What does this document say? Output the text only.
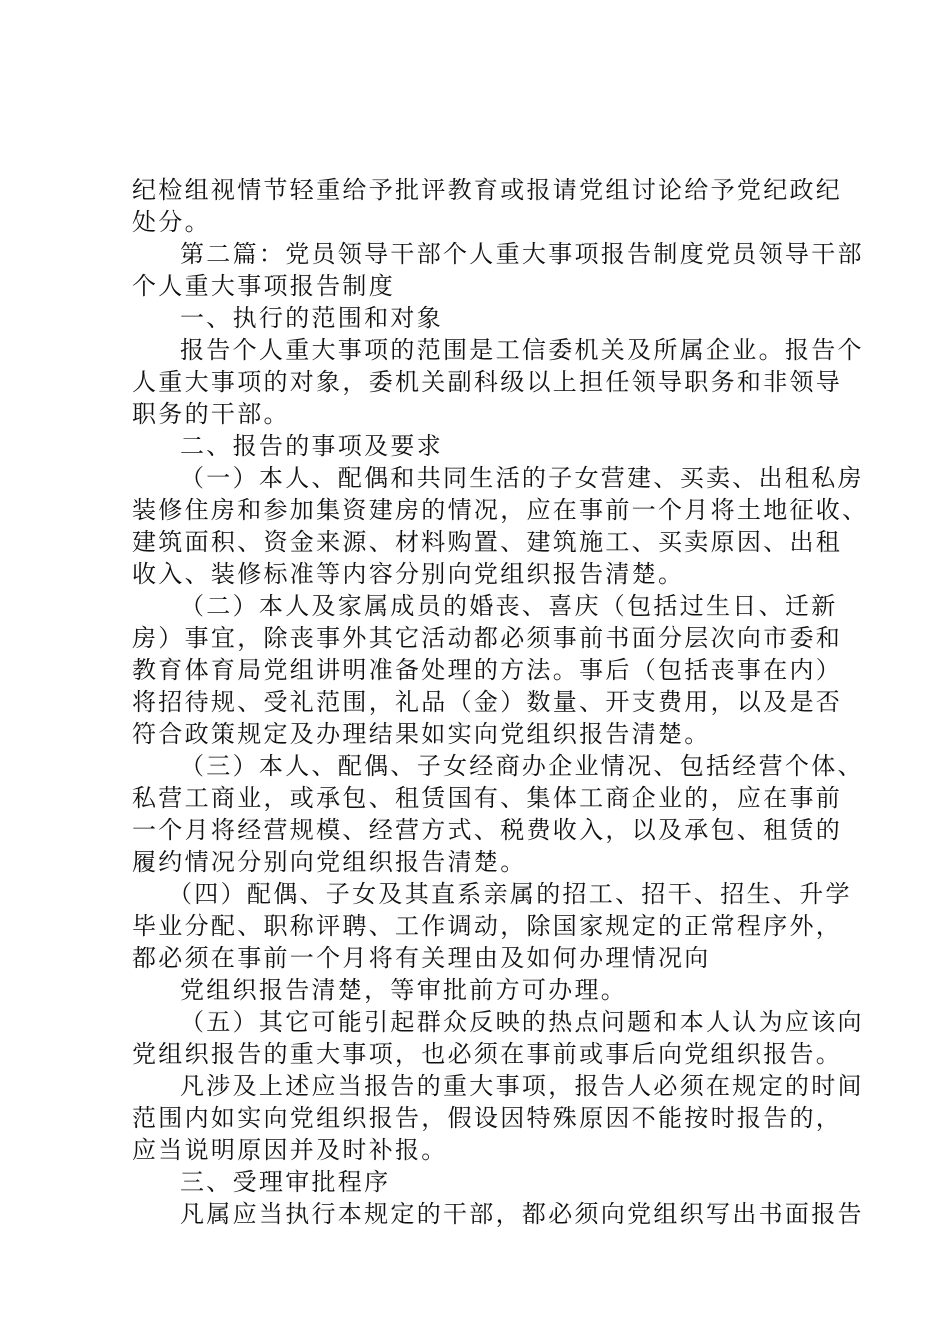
纪检组视情节轻重给予批评教育或报请党组讨论给予党纪政纪
处分。
第二篇：党员领导干部个人重大事项报告制度党员领导干部
个人重大事项报告制度
一、执行的范围和对象
报告个人重大事项的范围是工信委机关及所属企业。报告个
人重大事项的对象，委机关副科级以上担任领导职务和非领导
职务的干部。
二、报告的事项及要求
（一）本人、配偶和共同生活的子女营建、买卖、出租私房
装修住房和参加集资建房的情况，应在事前一个月将土地征收、
建筑面积、资金来源、材料购置、建筑施工、买卖原因、出租
收入、装修标准等内容分别向党组织报告清楚。
（二）本人及家属成员的婚丧、喜庆（包括过生日、迁新
房）事宜，除丧事外其它活动都必须事前书面分层次向市委和
教育体育局党组讲明准备处理的方法。事后（包括丧事在内）
将招待规、受礼范围，礼品（金）数量、开支费用，以及是否
符合政策规定及办理结果如实向党组织报告清楚。
（三）本人、配偶、子女经商办企业情况、包括经营个体、
私营工商业，或承包、租赁国有、集体工商企业的，应在事前
一个月将经营规模、经营方式、税费收入，以及承包、租赁的
履约情况分别向党组织报告清楚。
（四）配偶、子女及其直系亲属的招工、招干、招生、升学
毕业分配、职称评聘、工作调动，除国家规定的正常程序外，
都必须在事前一个月将有关理由及如何办理情况向
党组织报告清楚，等审批前方可办理。
（五）其它可能引起群众反映的热点问题和本人认为应该向
党组织报告的重大事项，也必须在事前或事后向党组织报告。
凡涉及上述应当报告的重大事项，报告人必须在规定的时间
范围内如实向党组织报告，假设因特殊原因不能按时报告的，
应当说明原因并及时补报。
三、受理审批程序
凡属应当执行本规定的干部，都必须向党组织写出书面报告
